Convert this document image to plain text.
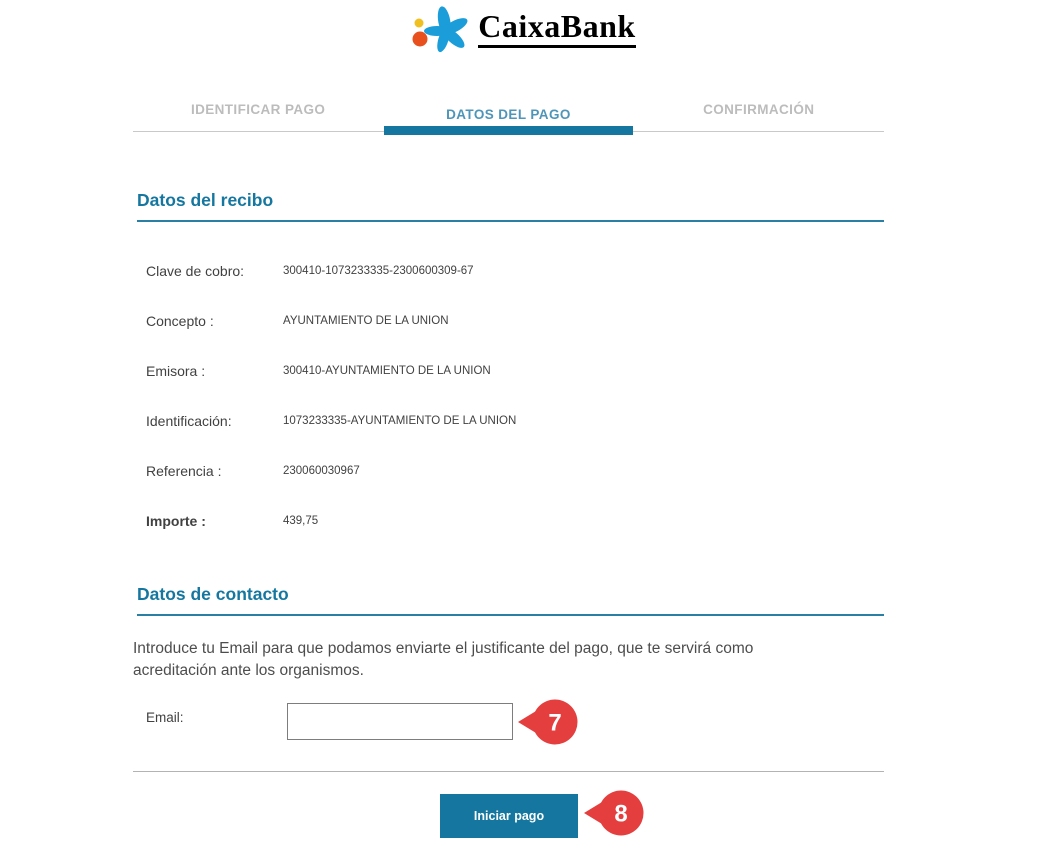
CaixaBank
IDENTIFICAR PAGO	DATOS DEL PAGO	CONFIRMACIÓN
Datos del recibo
Clave de cobro:	300410-1073233335-2300600309-67
Concepto :	AYUNTAMIENTO DE LA UNION
Emisora :	300410-AYUNTAMIENTO DE LA UNION
Identificación:	1073233335-AYUNTAMIENTO DE LA UNION
Referencia :	230060030967
Importe :	439,75
Datos de contacto
Introduce tu Email para que podamos enviarte el justificante del pago, que te servirá como acreditación ante los organismos.
Email:	7
Iniciar pago	8
